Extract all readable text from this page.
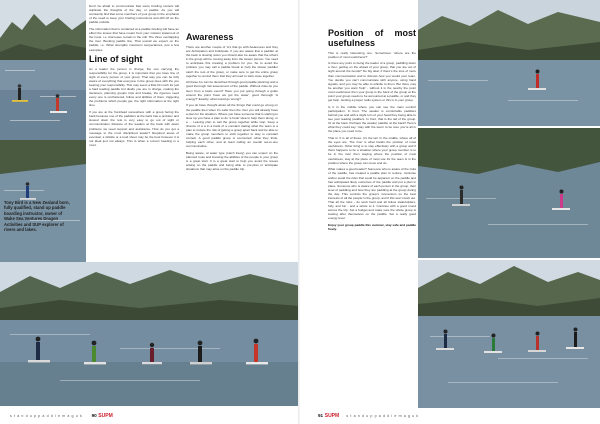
Tony Bird is a New Zealand born, fully qualified, stand up paddle boarding instructor, owner of Wake Sea Ventures Dragon Activities and SUP explorer of rivers and lakes.

Don't be afraid to communicate that some briefing content will duplicate the thoughts of the day, or paddle. As you will constantly find that some members of your group in the emphasis of the need to keep your briefing instructions and drill off as the paddle unfolds.

The information that is contained at a paddle briefing will have an effect the losses that have meant from your mission statement of the route. i.e. that leave remain in the mill. The three overlapping the river. Booking paddle line. That overall we expect on the paddle. i.e. What strengths maximum temperatures, just a few examples.

Line of sight

As a leader the person in charge, the one carrying the responsibility for the group, it is important that you have line of sight of every person of your group. That way you can be fully aware of everything that everyone in the group does with the you bearing your responsibility. This may seem a little bit much for just a hard leading paddle but dually you are in charge, making the decisions, planning groups trips and breaks, the rigorous need every one is unchartered, follow and abilities of them, triggering the problems which people get, the right information at the right time.

If you are at the front/lead somewhere with a group facing the back because one of the paddlers at the back has a problem and slowed down the rest is very easy to go out of sight or communication distance of the leaders at the back with down problems we need support and assistance. How do you get a message to the most disciplined leader? Required areas of eventual, a whistle or a loud shout may be the best however it is not ideal just not always. This is when a correct heading is a must.

Awareness

There are another couple of 'A's that go with Awareness and they are Anticipation and Anticipate. If you are aware that a paddler at the back is slowing down you should also be aware that the others in the group will be moving away from the slower person. You need to anticipate this creating a problem for you. So to avoid the problem you may call a paddle break to help the slower paddler catch the rest of the group, or make sure to get the entire group together to remind them that they all need to stick close together.

All these A's can be described through good paddle planning and a good thorough risk assessment of the paddle. Without risks do you stem from a basic event? Have you put going through a guide around the point 'have we got the water', good thorough 'is energy?' Exactly, what would go wrong?

If you do have thought about all the things that could go wrong on the paddle then when it's safer then the river you will already have a plan for the situation. Where you have someone that is starting to slow up you have a plan to do 'a hook' idea to help them along, or a ... Leaving plan to call the group together while stop. Keep a chance of a a in a bank of a constant stating what the team is a plan to reduce the risk of getting a group apart back and be able to make the group members to stick together to stay in constant contact. A good paddle group is connected: what they think, helping each other, and at least calling an overall out-to-one communicative.

Being aware, of water type (catch freely) you can expect on the planned route and knowing the abilities of the people in your group is a great start. It is a great start to help you avoid the issues arising on the paddle and being able to pre-plan or anticipate situations that may arise on the paddle trip.

s t a n d u p p a d d l e m a g u k 90 SUPM
Position of most usefulness

This is really interesting one. Sometimes: 'where are the position of most usefulness?'

Is there any point to being the leader of a group, paddling down a river, getting on the ahead of your group, that you are out of sight around the bends? No big deal, if there's the loss of more than communication and to discuss how you would your team. You decide you can't communicate with anyone, using hand signals, and you may be able to whistle to them. But there may be another you want 'help' - without it is the nearby the point most usefulness then your group is the back of the group at the point your group needs to be accounted at a paddle, or and they get help. Getting a proper radio system or this is to your group.

Is it in the middle where you can see the main comfort participation. In front. The weaker is comfortable paddlers behind you and with a slight turn of your head they being able to see your leading paddlers. In front, that is the tail of the group. Or at the back. Perhaps the weaker paddler at the back? Here's what they could say: 'stay with the team' to be sure you're all in the place you need to be.

That is: It is all of these. It's the tail. In the middle, where all of the eyes are. The river is what hands the position of most usefulness. Other thing is to stay effectively with a group and if there happens to be a situation where your group member is to be in the river then staying where the position of most usefulness, stay at the place of most use for the team is in the position where the group can move and do.

What makes a good leader? Someone who is aware of the risks of the paddle, has created a paddle plan to reduce, minimise and/or avoid the risks that could be apparent on the paddle and has anticipated likely outcomes of the paddle and put a plan in place. Someone who is aware of each person in the group, their level of paddling and how they are paddling at the group during the day. This controls the group's momentum so the best interests of all the people in the group, and if this won't work out. That all the risks - do work hard and all fellow stakeholders, fully, and fun - and a whole to it. Continue with a good mood across the trip. Set a budget and make sure the whole group is looking after themselves on the paddle. Set a really good energy level.

Enjoy your group paddle this summer, stay safe and paddle freely.

91 SUPM s t a n d u p p a d d l e m a g u k
